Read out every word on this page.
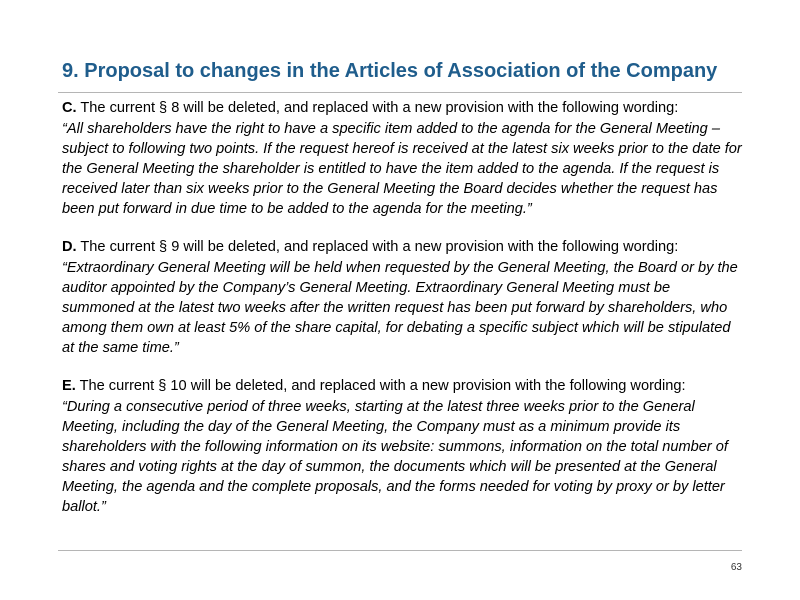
9. Proposal to changes in the Articles of Association of the Company

C. The current § 8 will be deleted, and replaced with a new provision with the following wording:

“All shareholders have the right to have a specific item added to the agenda for the General Meeting – subject to following two points. If the request hereof is received at the latest six weeks prior to the date for the General Meeting the shareholder is entitled to have the item added to the agenda. If the request is received later than six weeks prior to the General Meeting the Board decides whether the request has been put forward in due time to be added to the agenda for the meeting.”

D. The current § 9 will be deleted, and replaced with a new provision with the following wording:

“Extraordinary General Meeting will be held when requested by the General Meeting, the Board or by the auditor appointed by the Company’s General Meeting. Extraordinary General Meeting must be summoned at the latest two weeks after the written request has been put forward by shareholders, who among them own at least 5% of the share capital, for debating a specific subject which will be stipulated at the same time.”

E. The current § 10 will be deleted, and replaced with a new provision with the following wording:

“During a consecutive period of three weeks, starting at the latest three weeks prior to the General Meeting, including the day of the General Meeting, the Company must as a minimum provide its shareholders with the following information on its website: summons, information on the total number of shares and voting rights at the day of summon, the documents which will be presented at the General Meeting, the agenda and the complete proposals, and the forms needed for voting by proxy or by letter ballot.”

63
